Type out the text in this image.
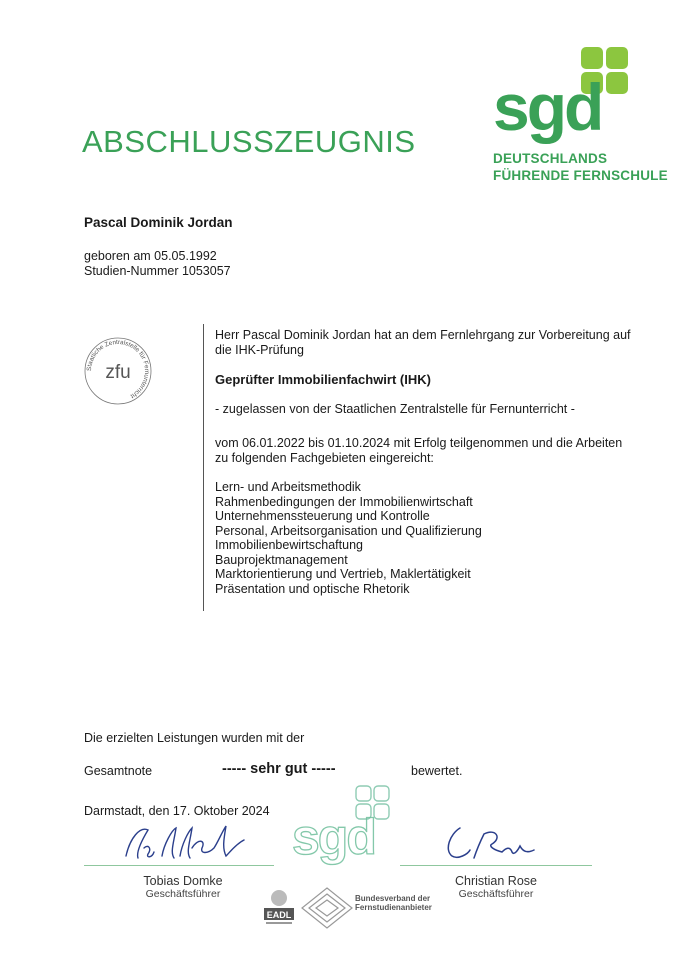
ABSCHLUSSZEUGNIS sgd
DEUTSCHLANDS
FÜHRENDE FERNSCHULE
Pascal Dominik Jordan
geboren am 05.05.1992
Studien-Nummer 1053057
Staatliche Zentralstelle für Fernunterricht
zfu
Herr Pascal Dominik Jordan hat an dem Fernlehrgang zur Vorbereitung auf die IHK-Prüfung
Geprüfter Immobilienfachwirt (IHK)
- zugelassen von der Staatlichen Zentralstelle für Fernunterricht -
vom 06.01.2022 bis 01.10.2024 mit Erfolg teilgenommen und die Arbeiten zu folgenden Fachgebieten eingereicht:
Lern- und Arbeitsmethodik
Rahmenbedingungen der Immobilienwirtschaft
Unternehmenssteuerung und Kontrolle
Personal, Arbeitsorganisation und Qualifizierung
Immobilienbewirtschaftung
Bauprojektmanagement
Marktorientierung und Vertrieb, Maklertätigkeit
Präsentation und optische Rhetorik
Die erzielten Leistungen wurden mit der
Gesamtnote	----- sehr gut -----	bewertet.
Darmstadt, den 17. Oktober 2024 sgd
Tobias Domke
Geschäftsführer
Christian Rose
Geschäftsführer
EADL
Bundesverband der
Fernstudienanbieter
